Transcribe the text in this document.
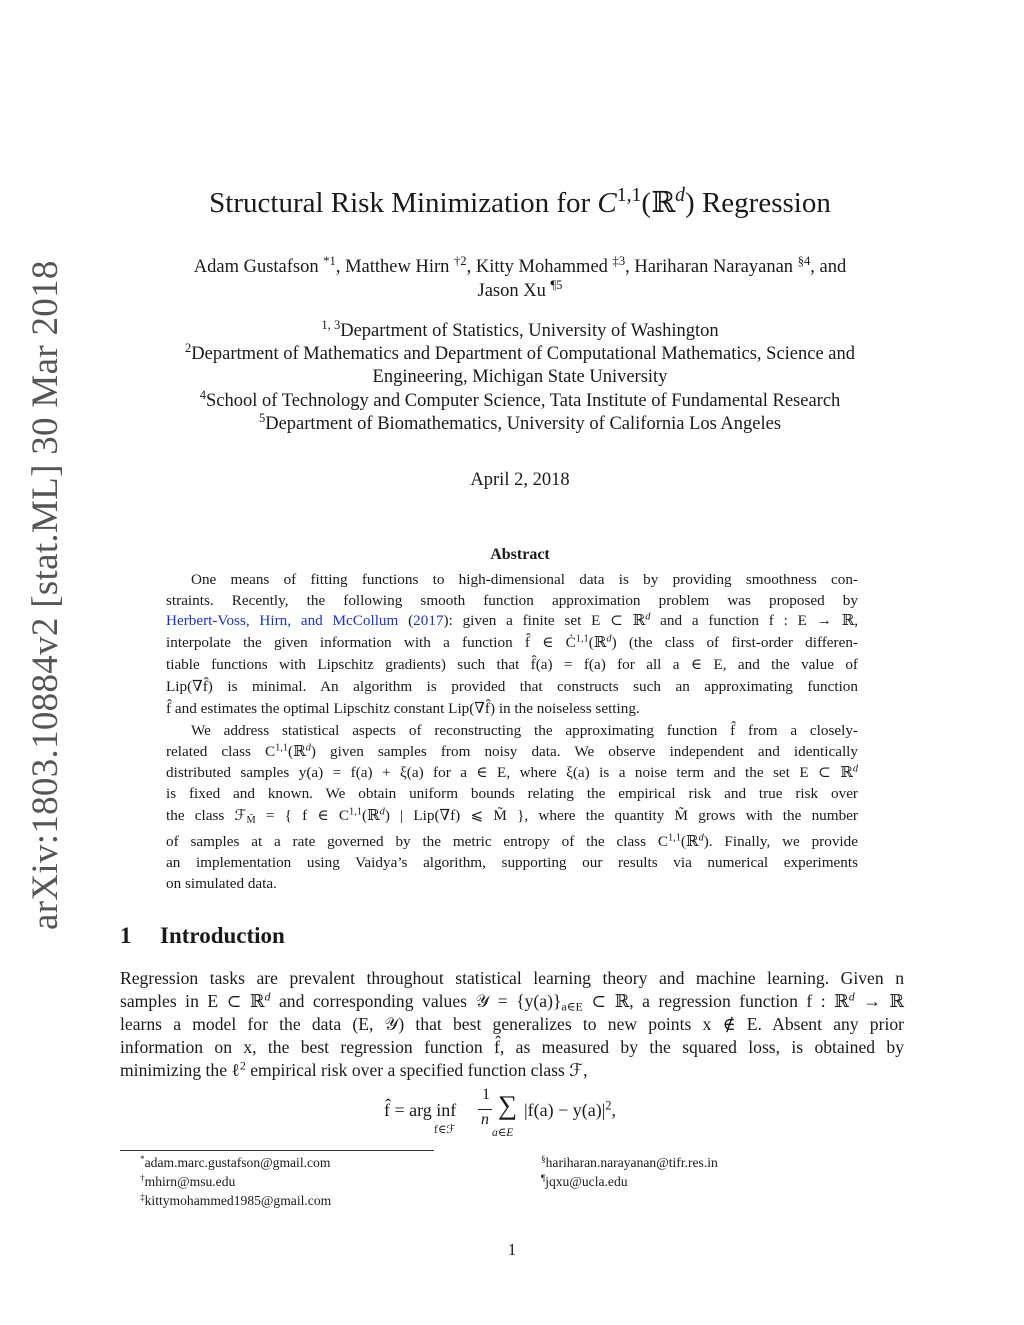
arXiv:1803.10884v2 [stat.ML] 30 Mar 2018
Structural Risk Minimization for C$^{1,1}$(ℝ$^d$) Regression
Adam Gustafson $^{*1}$, Matthew Hirn $^{\dagger 2}$, Kitty Mohammed $^{\ddagger 3}$, Hariharan Narayanan $^{\S 4}$, and
Jason Xu $^{\P 5}$
$^{1, 3}$Department of Statistics, University of Washington
$^2$Department of Mathematics and Department of Computational Mathematics, Science and
Engineering, Michigan State University
$^4$School of Technology and Computer Science, Tata Institute of Fundamental Research
$^5$Department of Biomathematics, University of California Los Angeles
April 2, 2018
Abstract
One means of fitting functions to high-dimensional data is by providing smoothness con-
straints. Recently, the following smooth function approximation problem was proposed by
Herbert-Voss, Hirn, and McCollum (2017): given a finite set E ⊂ ℝ$^d$ and a function f : E → ℝ,
interpolate the given information with a function f̂ ∈ Ċ$^{1,1}$(ℝ$^d$) (the class of first-order differen-
tiable functions with Lipschitz gradients) such that f̂(a) = f(a) for all a ∈ E, and the value of
Lip(∇f̂) is minimal. An algorithm is provided that constructs such an approximating function
f̂ and estimates the optimal Lipschitz constant Lip(∇f̂) in the noiseless setting.
We address statistical aspects of reconstructing the approximating function f̂ from a closely-
related class C$^{1,1}$(ℝ$^d$) given samples from noisy data. We observe independent and identically
distributed samples y(a) = f(a) + ξ(a) for a ∈ E, where ξ(a) is a noise term and the set E ⊂ ℝ$^d$
is fixed and known. We obtain uniform bounds relating the empirical risk and true risk over
the class ℱ$_{M̃}$ = { f ∈ C$^{1,1}$(ℝ$^d$) | Lip(∇f) ⩽ M̃ }, where the quantity M̃ grows with the number
of samples at a rate governed by the metric entropy of the class C$^{1,1}$(ℝ$^d$). Finally, we provide
an implementation using Vaidya’s algorithm, supporting our results via numerical experiments
on simulated data.
1 Introduction
Regression tasks are prevalent throughout statistical learning theory and machine learning. Given n
samples in E ⊂ ℝ$^d$ and corresponding values 𝒴 = $\{y(a)\}_{a\in E}$ ⊂ ℝ, a regression function f : ℝ$^d$ → ℝ
learns a model for the data (E, 𝒴) that best generalizes to new points x ∉ E. Absent any prior
information on x, the best regression function f̂, as measured by the squared loss, is obtained by
minimizing the ℓ$^2$ empirical risk over a specified function class ℱ,
f̂ = arg inf
f∈ℱ
1
n ∑
a∈E
$|f(a) - y(a)|^2$,
*adam.marc.gustafson@gmail.com
†mhirn@msu.edu
‡kittymohammed1985@gmail.com
§hariharan.narayanan@tifr.res.in
¶jqxu@ucla.edu
1
